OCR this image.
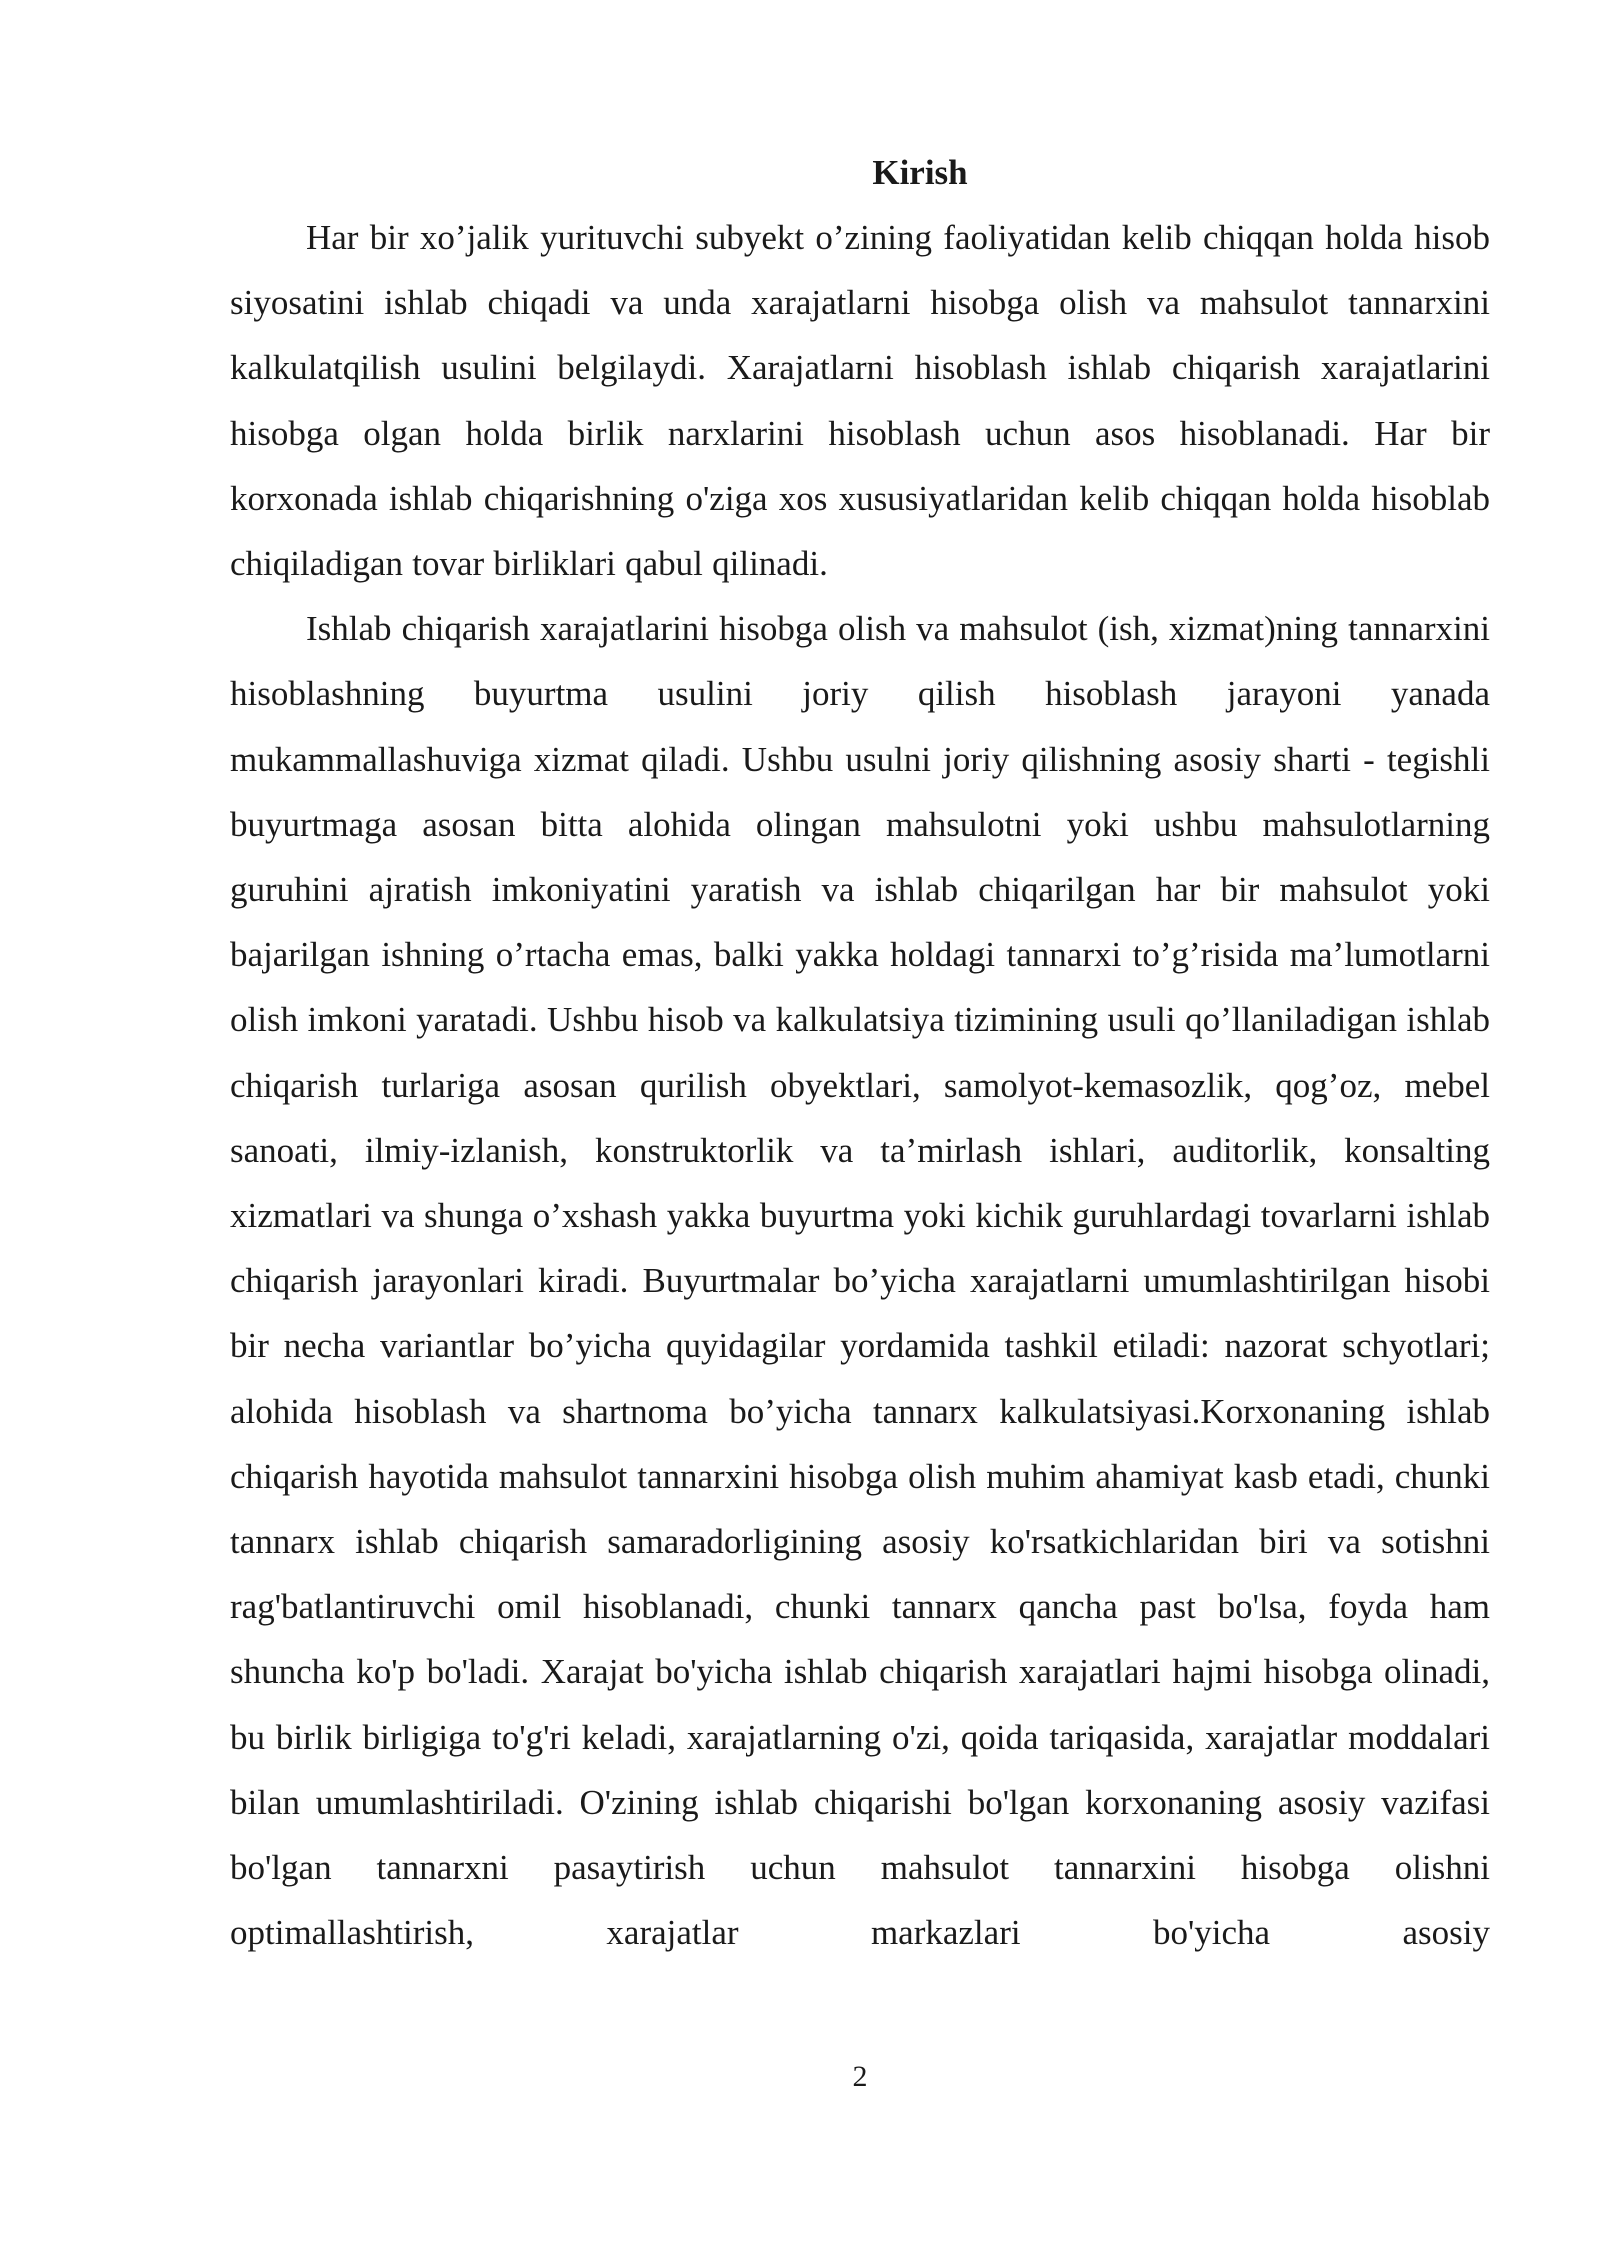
Kirish

Har bir xo’jalik yurituvchi subyekt o’zining faoliyatidan kelib chiqqan holda hisob siyosatini ishlab chiqadi va unda xarajatlarni hisobga olish va mahsulot tannarxini kalkulatqilish usulini belgilaydi. Xarajatlarni hisoblash ishlab chiqarish xarajatlarini hisobga olgan holda birlik narxlarini hisoblash uchun asos hisoblanadi. Har bir korxonada ishlab chiqarishning o'ziga xos xususiyatlaridan kelib chiqqan holda hisoblab chiqiladigan tovar birliklari qabul qilinadi.

Ishlab chiqarish xarajatlarini hisobga olish va mahsulot (ish, xizmat)ning tannarxini hisoblashning buyurtma usulini joriy qilish hisoblash jarayoni yanada mukammallashuviga xizmat qiladi. Ushbu usulni joriy qilishning asosiy sharti - tegishli buyurtmaga asosan bitta alohida olingan mahsulotni yoki ushbu mahsulotlarning guruhini ajratish imkoniyatini yaratish va ishlab chiqarilgan har bir mahsulot yoki bajarilgan ishning o’rtacha emas, balki yakka holdagi tannarxi to’g’risida ma’lumotlarni olish imkoni yaratadi. Ushbu hisob va kalkulatsiya tizimining usuli qo’llaniladigan ishlab chiqarish turlariga asosan qurilish obyektlari, samolyot-kemasozlik, qog’oz, mebel sanoati, ilmiy-izlanish, konstruktorlik va ta’mirlash ishlari, auditorlik, konsalting xizmatlari va shunga o’xshash yakka buyurtma yoki kichik guruhlardagi tovarlarni ishlab chiqarish jarayonlari kiradi. Buyurtmalar bo’yicha xarajatlarni umumlashtirilgan hisobi bir necha variantlar bo’yicha quyidagilar yordamida tashkil etiladi: nazorat schyotlari; alohida hisoblash va shartnoma bo’yicha tannarx kalkulatsiyasi.Korxonaning ishlab chiqarish hayotida mahsulot tannarxini hisobga olish muhim ahamiyat kasb etadi, chunki tannarx ishlab chiqarish samaradorligining asosiy ko'rsatkichlaridan biri va sotishni rag'batlantiruvchi omil hisoblanadi, chunki tannarx qancha past bo'lsa, foyda ham shuncha ko'p bo'ladi. Xarajat bo'yicha ishlab chiqarish xarajatlari hajmi hisobga olinadi, bu birlik birligiga to'g'ri keladi, xarajatlarning o'zi, qoida tariqasida, xarajatlar moddalari bilan umumlashtiriladi. O'zining ishlab chiqarishi bo'lgan korxonaning asosiy vazifasi bo'lgan tannarxni pasaytirish uchun mahsulot tannarxini hisobga olishni optimallashtirish, xarajatlar markazlari bo'yicha asosiy

2
